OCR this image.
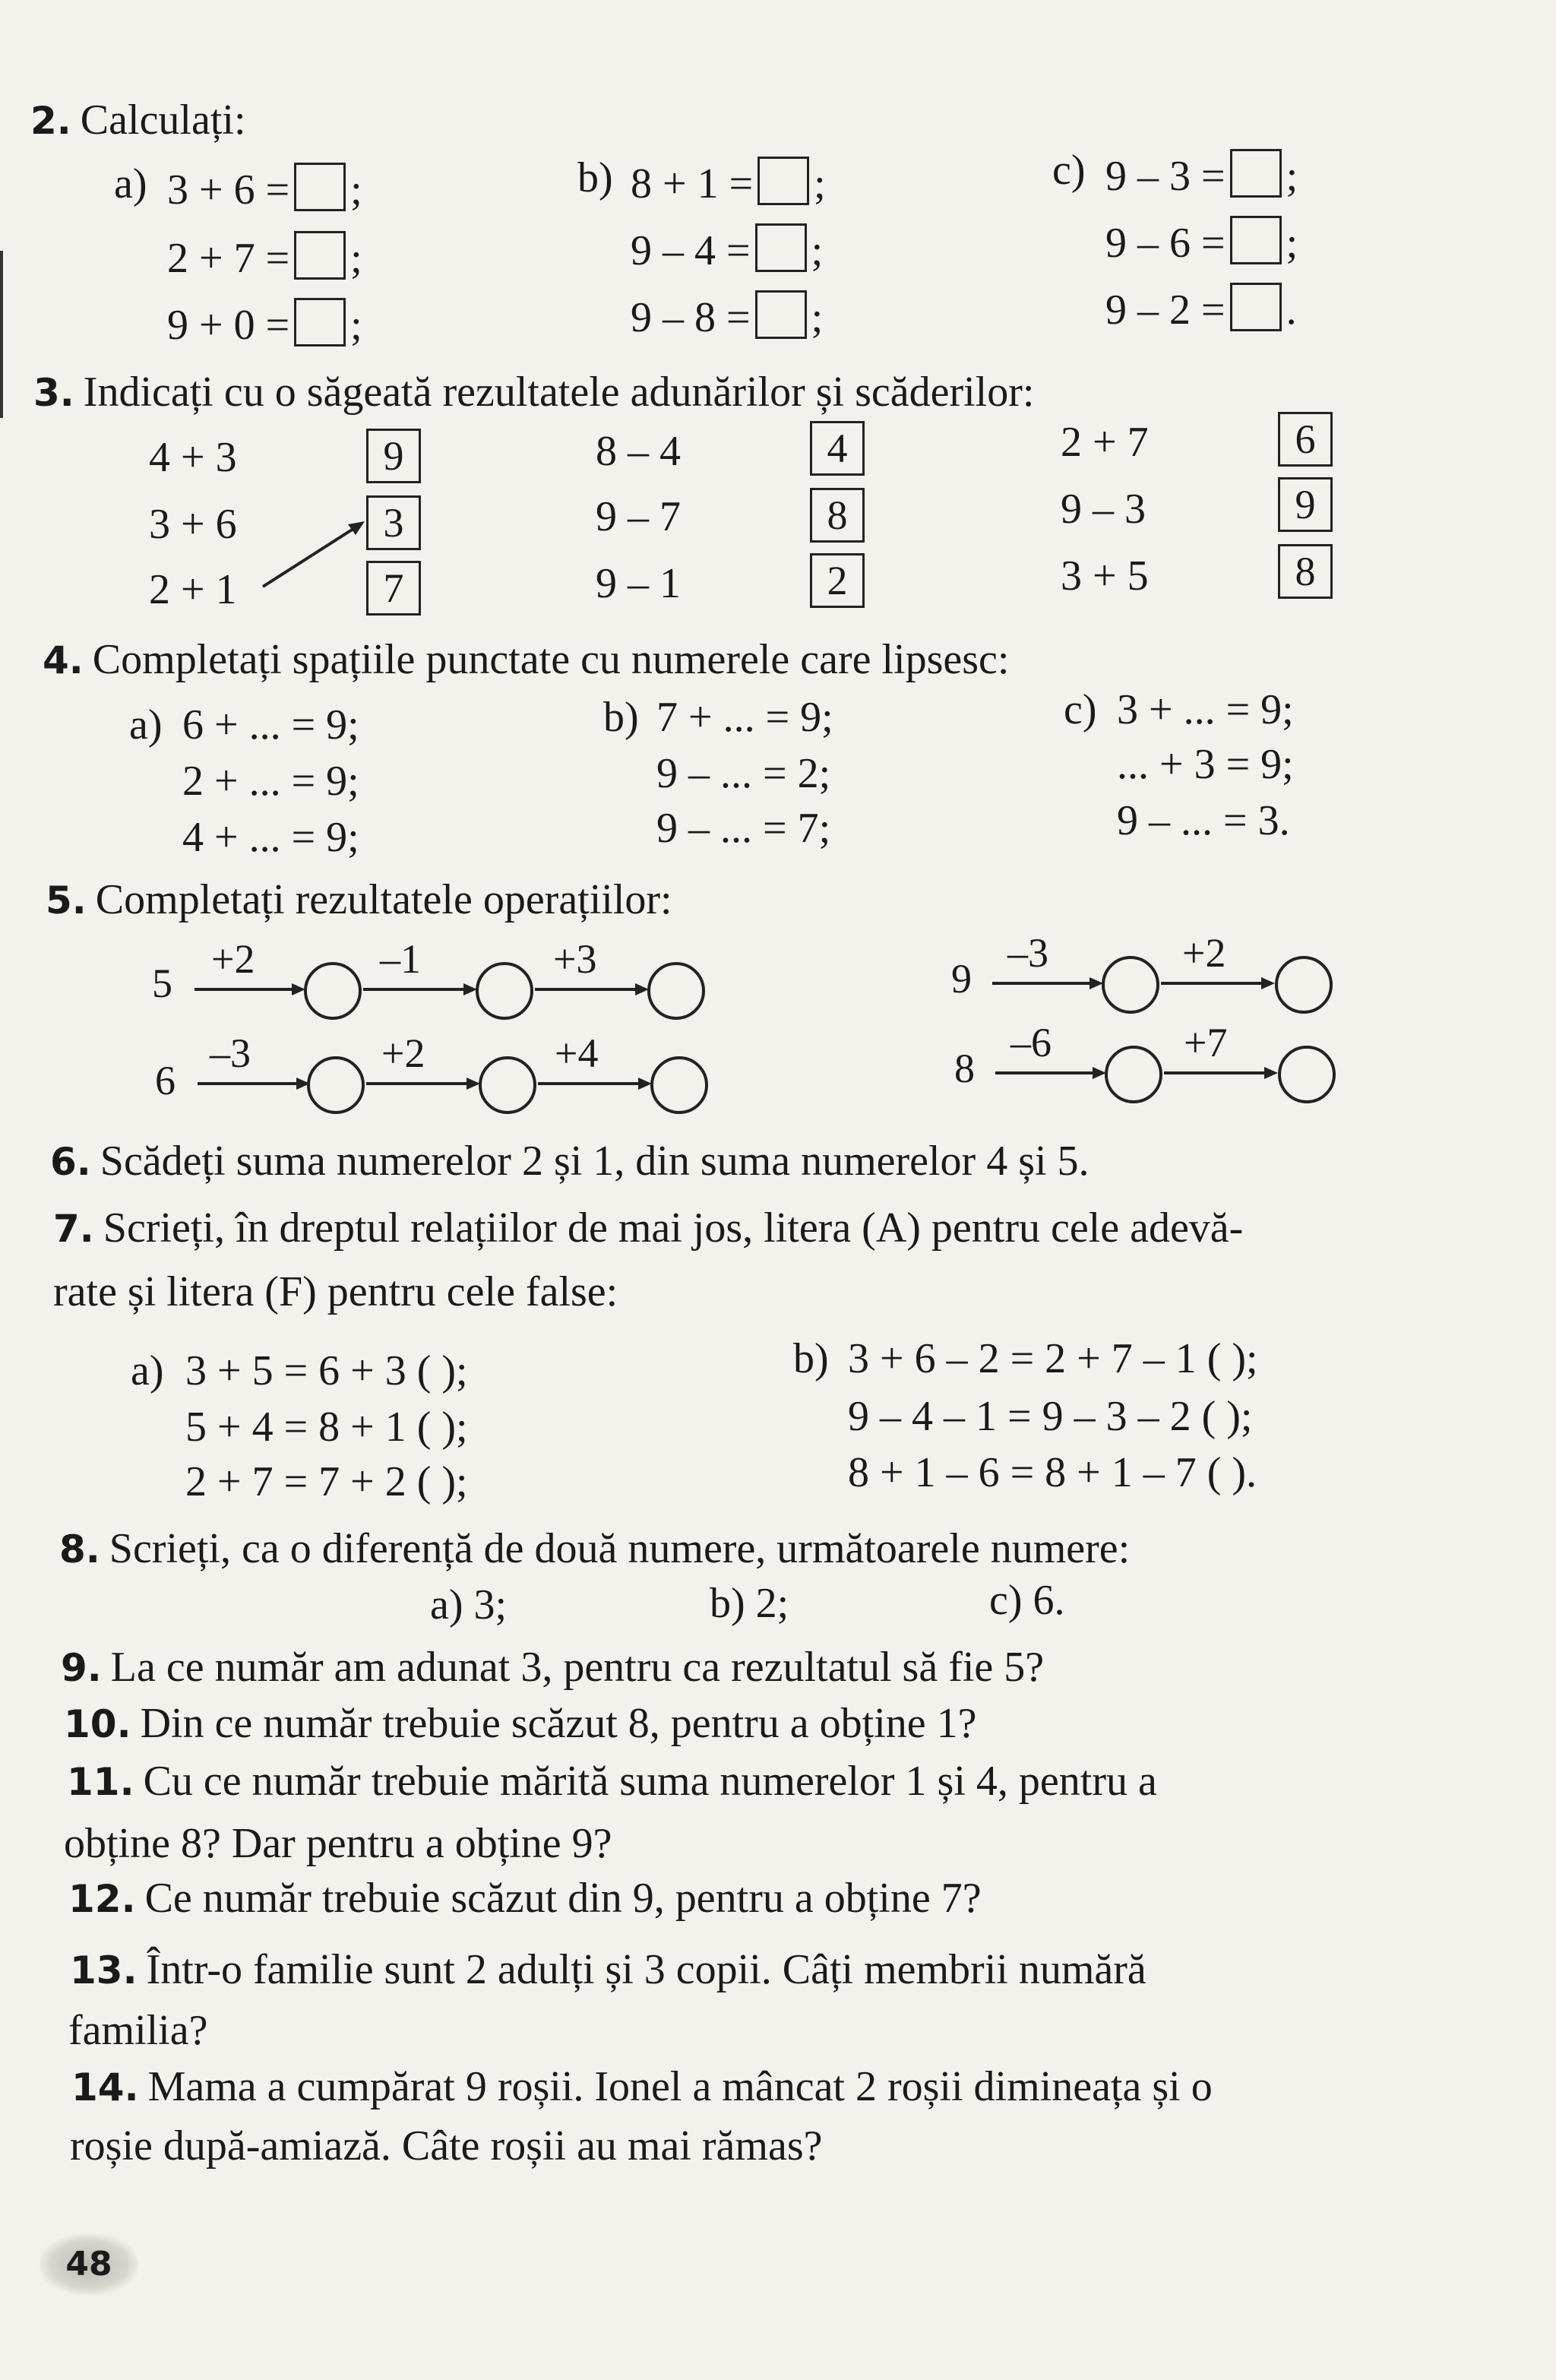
2. Calculați:
a) 3 + 6 = ;
2 + 7 = ;
9 + 0 = ;
b) 8 + 1 = ;
9 – 4 = ;
9 – 8 = ;
c) 9 – 3 = ;
9 – 6 = ;
9 – 2 = .
3. Indicați cu o săgeată rezultatele adunărilor și scăderilor:
4 + 3
3 + 6
2 + 1
9
3
7
8 – 4
9 – 7
9 – 1
4
8
2
2 + 7
9 – 3
3 + 5
6
9
8
4. Completați spațiile punctate cu numerele care lipsesc:
a) 6 + ... = 9;
2 + ... = 9;
4 + ... = 9;
b) 7 + ... = 9;
9 – ... = 2;
9 – ... = 7;
c) 3 + ... = 9;
... + 3 = 9;
9 – ... = 3.
5. Completați rezultatele operațiilor:
5
+2	–1	+3
6
–3	+2	+4
9
–3	+2
8
–6	+7
6. Scădeți suma numerelor 2 și 1, din suma numerelor 4 și 5.
7. Scrieți, în dreptul relațiilor de mai jos, litera (A) pentru cele adevă-
rate și litera (F) pentru cele false:
a) 3 + 5 = 6 + 3 ( );
5 + 4 = 8 + 1 ( );
2 + 7 = 7 + 2 ( );
b) 3 + 6 – 2 = 2 + 7 – 1 ( );
9 – 4 – 1 = 9 – 3 – 2 ( );
8 + 1 – 6 = 8 + 1 – 7 ( ).
8. Scrieți, ca o diferență de două numere, următoarele numere:
a) 3;	b) 2;	c) 6.
9. La ce număr am adunat 3, pentru ca rezultatul să fie 5?
10. Din ce număr trebuie scăzut 8, pentru a obține 1?
11. Cu ce număr trebuie mărită suma numerelor 1 și 4, pentru a
obține 8? Dar pentru a obține 9?
12. Ce număr trebuie scăzut din 9, pentru a obține 7?
13. Într-o familie sunt 2 adulți și 3 copii. Câți membrii numără
familia?
14. Mama a cumpărat 9 roșii. Ionel a mâncat 2 roșii dimineața și o
roșie după-amiază. Câte roșii au mai rămas?
48
